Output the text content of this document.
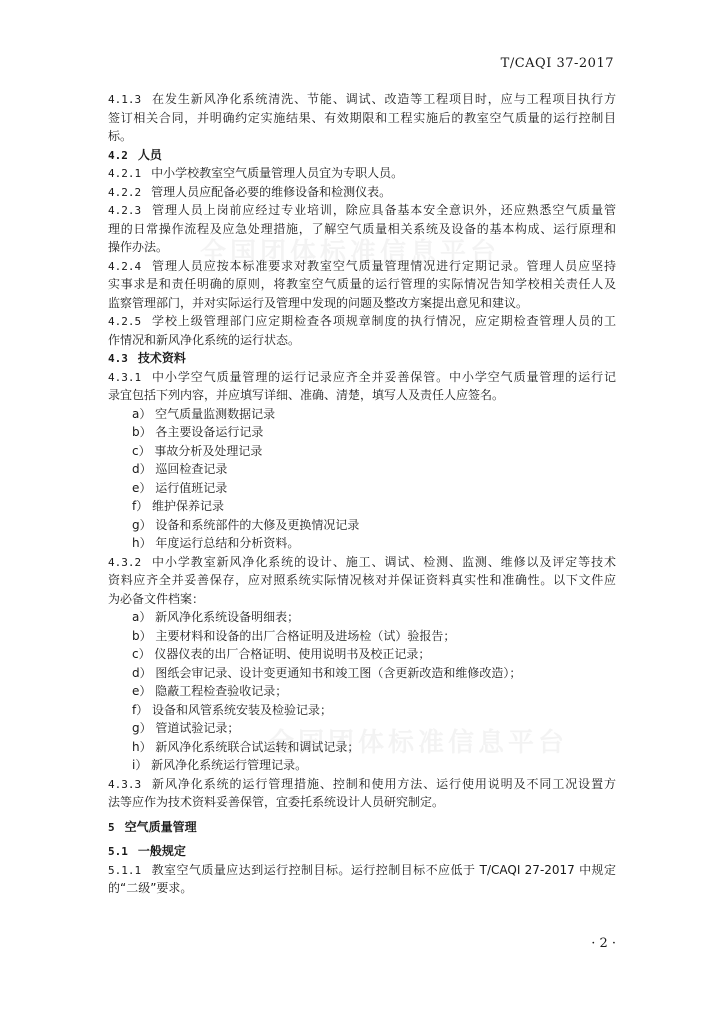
T/CAQI 37-2017
4.1.3 在发生新风净化系统清洗、节能、调试、改造等工程项目时，应与工程项目执行方
签订相关合同，并明确约定实施结果、有效期限和工程实施后的教室空气质量的运行控制目
标。
4.2 人员
4.2.1 中小学校教室空气质量管理人员宜为专职人员。
4.2.2 管理人员应配备必要的维修设备和检测仪表。
4.2.3 管理人员上岗前应经过专业培训，除应具备基本安全意识外，还应熟悉空气质量管
理的日常操作流程及应急处理措施，了解空气质量相关系统及设备的基本构成、运行原理和
操作办法。
4.2.4 管理人员应按本标准要求对教室空气质量管理情况进行定期记录。管理人员应坚持
实事求是和责任明确的原则，将教室空气质量的运行管理的实际情况告知学校相关责任人及
监察管理部门，并对实际运行及管理中发现的问题及整改方案提出意见和建议。
4.2.5 学校上级管理部门应定期检查各项规章制度的执行情况，应定期检查管理人员的工
作情况和新风净化系统的运行状态。
4.3 技术资料
4.3.1 中小学空气质量管理的运行记录应齐全并妥善保管。中小学空气质量管理的运行记
录宜包括下列内容，并应填写详细、准确、清楚，填写人及责任人应签名。
a） 空气质量监测数据记录
b） 各主要设备运行记录
c） 事故分析及处理记录
d） 巡回检查记录
e） 运行值班记录
f） 维护保养记录
g） 设备和系统部件的大修及更换情况记录
h） 年度运行总结和分析资料。
4.3.2 中小学教室新风净化系统的设计、施工、调试、检测、监测、维修以及评定等技术
资料应齐全并妥善保存，应对照系统实际情况核对并保证资料真实性和准确性。以下文件应
为必备文件档案：
a） 新风净化系统设备明细表；
b） 主要材料和设备的出厂合格证明及进场检（试）验报告；
c） 仪器仪表的出厂合格证明、使用说明书及校正记录；
d） 图纸会审记录、设计变更通知书和竣工图（含更新改造和维修改造）；
e） 隐蔽工程检查验收记录；
f） 设备和风管系统安装及检验记录；
g） 管道试验记录；
h） 新风净化系统联合试运转和调试记录；
i） 新风净化系统运行管理记录。
4.3.3 新风净化系统的运行管理措施、控制和使用方法、运行使用说明及不同工况设置方
法等应作为技术资料妥善保管，宜委托系统设计人员研究制定。
5 空气质量管理
5.1 一般规定
5.1.1 教室空气质量应达到运行控制目标。运行控制目标不应低于 T/CAQI 27-2017 中规定
的“二级”要求。
· 2 ·
